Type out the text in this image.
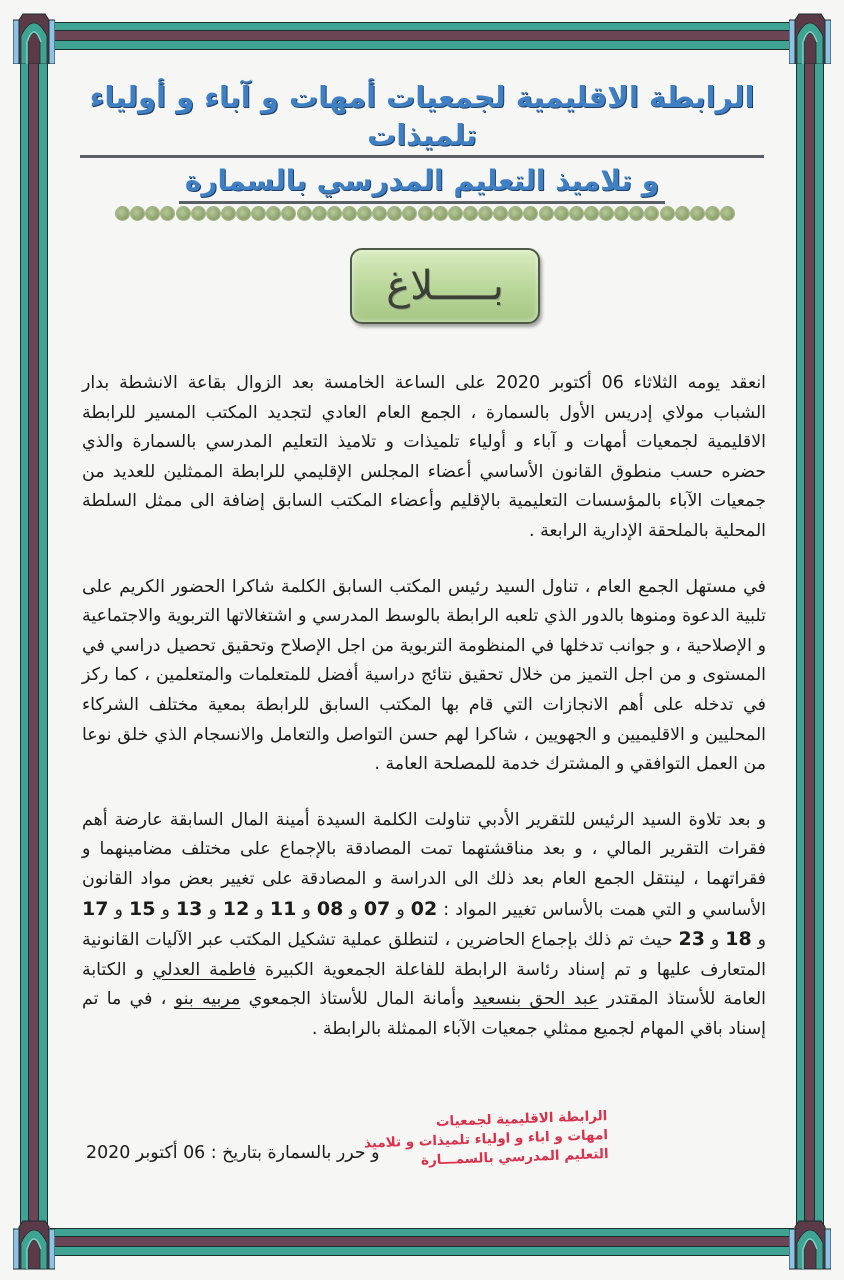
الرابطة الاقليمية لجمعيات أمهات و آباء و أولياء تلميذات
و تلاميذ التعليم المدرسي بالسمارة
بـــــلاغ

انعقد يومه الثلاثاء 06 أكتوبر 2020 على الساعة الخامسة بعد الزوال بقاعة الانشطة بدار الشباب مولاي إدريس الأول بالسمارة ، الجمع العام العادي لتجديد المكتب المسير للرابطة الاقليمية لجمعيات أمهات و آباء و أولياء تلميذات و تلاميذ التعليم المدرسي بالسمارة والذي حضره حسب منطوق القانون الأساسي أعضاء المجلس الإقليمي للرابطة الممثلين للعديد من جمعيات الآباء بالمؤسسات التعليمية بالإقليم وأعضاء المكتب السابق إضافة الى ممثل السلطة المحلية بالملحقة الإدارية الرابعة .

في مستهل الجمع العام ، تناول السيد رئيس المكتب السابق الكلمة شاكرا الحضور الكريم على تلبية الدعوة ومنوها بالدور الذي تلعبه الرابطة بالوسط المدرسي و اشتغالاتها التربوية والاجتماعية و الإصلاحية ، و جوانب تدخلها في المنظومة التربوية من اجل الإصلاح وتحقيق تحصيل دراسي في المستوى و من اجل التميز من خلال تحقيق نتائج دراسية أفضل للمتعلمات والمتعلمين ، كما ركز في تدخله على أهم الانجازات التي قام بها المكتب السابق للرابطة بمعية مختلف الشركاء المحليين و الاقليميين و الجهويين ، شاكرا لهم حسن التواصل والتعامل والانسجام الذي خلق نوعا من العمل التوافقي و المشترك خدمة للمصلحة العامة .

و بعد تلاوة السيد الرئيس للتقرير الأدبي تناولت الكلمة السيدة أمينة المال السابقة عارضة أهم فقرات التقرير المالي ، و بعد مناقشتهما تمت المصادقة بالإجماع على مختلف مضامينهما و فقراتهما ، لينتقل الجمع العام بعد ذلك الى الدراسة و المصادقة على تغيير بعض مواد القانون الأساسي و التي همت بالأساس تغيير المواد : 02 و 07 و 08 و 11 و 12 و 13 و 15 و 17 و 18 و 23 حيث تم ذلك بإجماع الحاضرين ، لتنطلق عملية تشكيل المكتب عبر الآليات القانونية المتعارف عليها و تم إسناد رئاسة الرابطة للفاعلة الجمعوية الكبيرة فاطمة العدلي و الكتابة العامة للأستاذ المقتدر عبد الحق بنسعيد وأمانة المال للأستاذ الجمعوي مربيه بنو ، في ما تم إسناد باقي المهام لجميع ممثلي جمعيات الآباء الممثلة بالرابطة .

و حرر بالسمارة بتاريخ : 06 أكتوبر 2020
الرابطة الاقليمية لجمعيات
امهات و اباء و اولياء تلميذات و تلاميذ
التعليم المدرسي بالسمـــارة
